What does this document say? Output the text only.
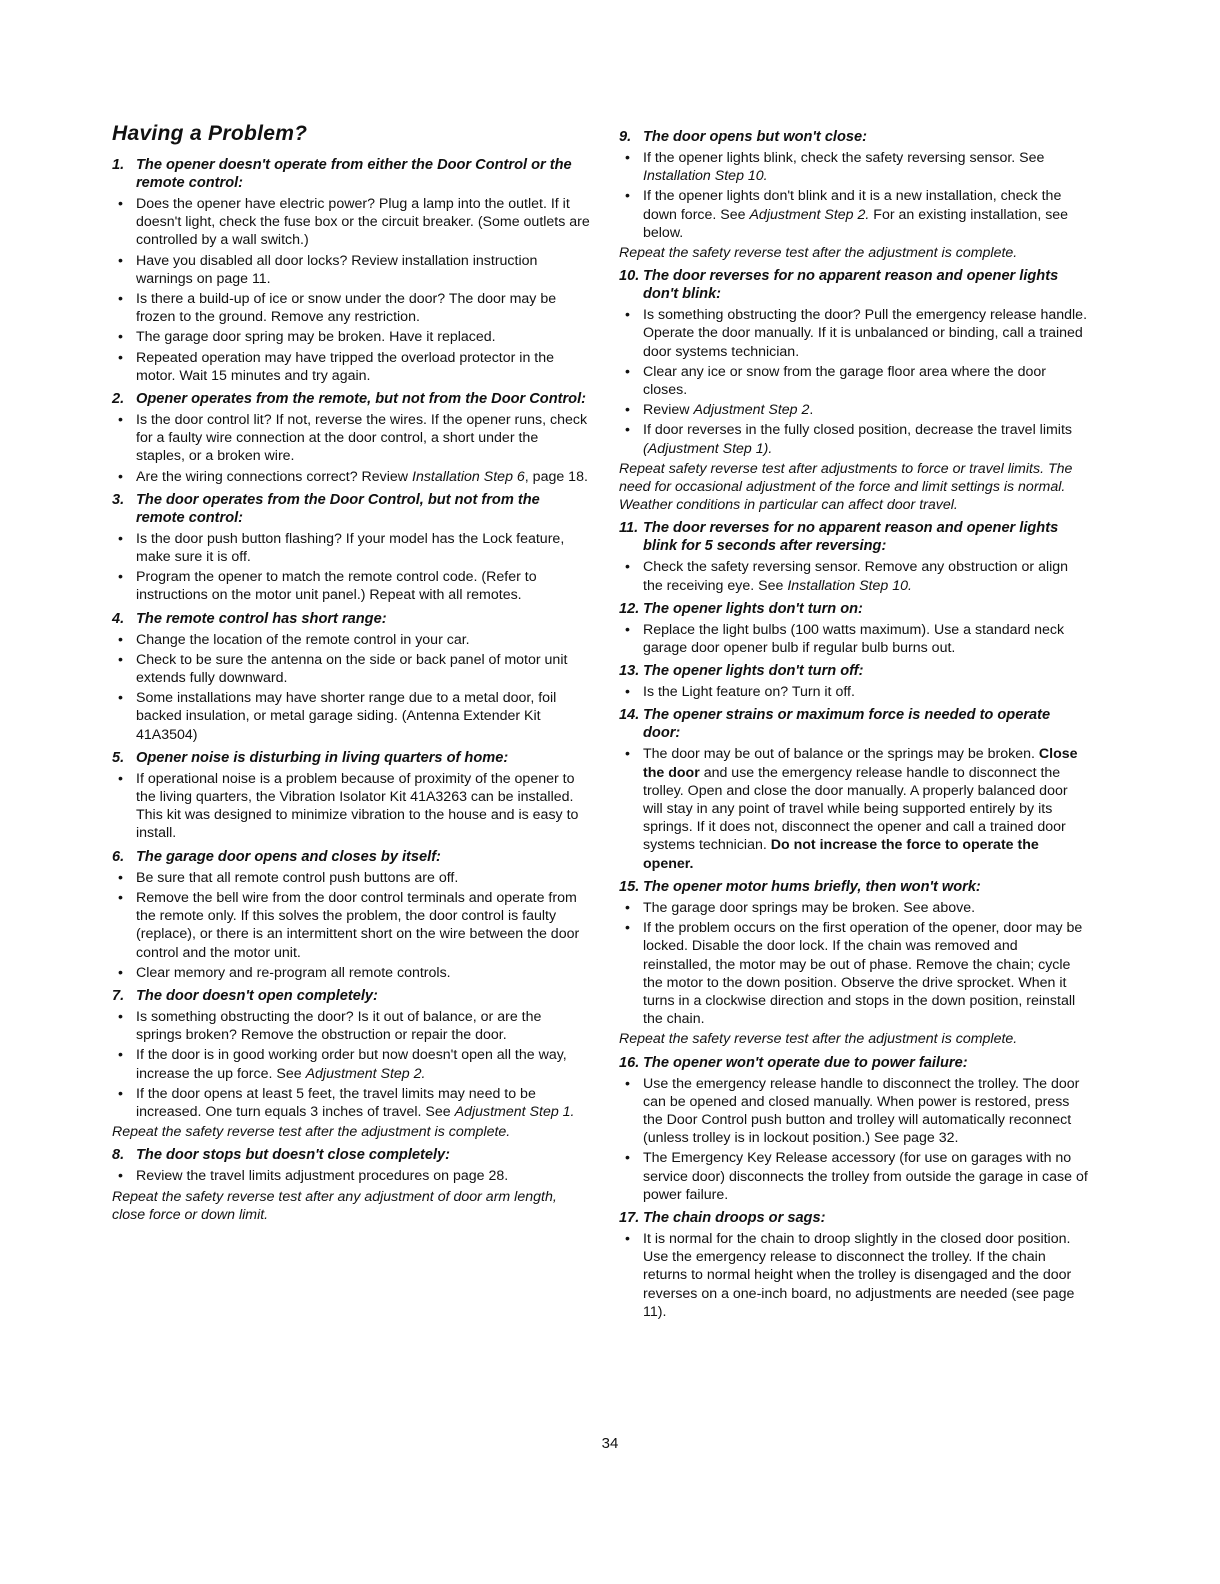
Having a Problem?
1. The opener doesn't operate from either the Door Control or the remote control:
• Does the opener have electric power? Plug a lamp into the outlet. If it doesn't light, check the fuse box or the circuit breaker. (Some outlets are controlled by a wall switch.)
• Have you disabled all door locks? Review installation instruction warnings on page 11.
• Is there a build-up of ice or snow under the door? The door may be frozen to the ground. Remove any restriction.
• The garage door spring may be broken. Have it replaced.
• Repeated operation may have tripped the overload protector in the motor. Wait 15 minutes and try again.
2. Opener operates from the remote, but not from the Door Control:
• Is the door control lit? If not, reverse the wires. If the opener runs, check for a faulty wire connection at the door control, a short under the staples, or a broken wire.
• Are the wiring connections correct? Review Installation Step 6, page 18.
3. The door operates from the Door Control, but not from the remote control:
• Is the door push button flashing? If your model has the Lock feature, make sure it is off.
• Program the opener to match the remote control code. (Refer to instructions on the motor unit panel.) Repeat with all remotes.
4. The remote control has short range:
• Change the location of the remote control in your car.
• Check to be sure the antenna on the side or back panel of motor unit extends fully downward.
• Some installations may have shorter range due to a metal door, foil backed insulation, or metal garage siding. (Antenna Extender Kit 41A3504)
5. Opener noise is disturbing in living quarters of home:
• If operational noise is a problem because of proximity of the opener to the living quarters, the Vibration Isolator Kit 41A3263 can be installed. This kit was designed to minimize vibration to the house and is easy to install.
6. The garage door opens and closes by itself:
• Be sure that all remote control push buttons are off.
• Remove the bell wire from the door control terminals and operate from the remote only. If this solves the problem, the door control is faulty (replace), or there is an intermittent short on the wire between the door control and the motor unit.
• Clear memory and re-program all remote controls.
7. The door doesn't open completely:
• Is something obstructing the door? Is it out of balance, or are the springs broken? Remove the obstruction or repair the door.
• If the door is in good working order but now doesn't open all the way, increase the up force. See Adjustment Step 2.
• If the door opens at least 5 feet, the travel limits may need to be increased. One turn equals 3 inches of travel. See Adjustment Step 1.
Repeat the safety reverse test after the adjustment is complete.
8. The door stops but doesn't close completely:
• Review the travel limits adjustment procedures on page 28.
Repeat the safety reverse test after any adjustment of door arm length, close force or down limit.
9. The door opens but won't close:
• If the opener lights blink, check the safety reversing sensor. See Installation Step 10.
• If the opener lights don't blink and it is a new installation, check the down force. See Adjustment Step 2. For an existing installation, see below.
Repeat the safety reverse test after the adjustment is complete.
10. The door reverses for no apparent reason and opener lights don't blink:
• Is something obstructing the door? Pull the emergency release handle. Operate the door manually. If it is unbalanced or binding, call a trained door systems technician.
• Clear any ice or snow from the garage floor area where the door closes.
• Review Adjustment Step 2.
• If door reverses in the fully closed position, decrease the travel limits (Adjustment Step 1).
Repeat safety reverse test after adjustments to force or travel limits. The need for occasional adjustment of the force and limit settings is normal. Weather conditions in particular can affect door travel.
11. The door reverses for no apparent reason and opener lights blink for 5 seconds after reversing:
• Check the safety reversing sensor. Remove any obstruction or align the receiving eye. See Installation Step 10.
12. The opener lights don't turn on:
• Replace the light bulbs (100 watts maximum). Use a standard neck garage door opener bulb if regular bulb burns out.
13. The opener lights don't turn off:
• Is the Light feature on? Turn it off.
14. The opener strains or maximum force is needed to operate door:
• The door may be out of balance or the springs may be broken. Close the door and use the emergency release handle to disconnect the trolley. Open and close the door manually. A properly balanced door will stay in any point of travel while being supported entirely by its springs. If it does not, disconnect the opener and call a trained door systems technician. Do not increase the force to operate the opener.
15. The opener motor hums briefly, then won't work:
• The garage door springs may be broken. See above.
• If the problem occurs on the first operation of the opener, door may be locked. Disable the door lock. If the chain was removed and reinstalled, the motor may be out of phase. Remove the chain; cycle the motor to the down position. Observe the drive sprocket. When it turns in a clockwise direction and stops in the down position, reinstall the chain.
Repeat the safety reverse test after the adjustment is complete.
16. The opener won't operate due to power failure:
• Use the emergency release handle to disconnect the trolley. The door can be opened and closed manually. When power is restored, press the Door Control push button and trolley will automatically reconnect (unless trolley is in lockout position.) See page 32.
• The Emergency Key Release accessory (for use on garages with no service door) disconnects the trolley from outside the garage in case of power failure.
17. The chain droops or sags:
• It is normal for the chain to droop slightly in the closed door position. Use the emergency release to disconnect the trolley. If the chain returns to normal height when the trolley is disengaged and the door reverses on a one-inch board, no adjustments are needed (see page 11).
34
